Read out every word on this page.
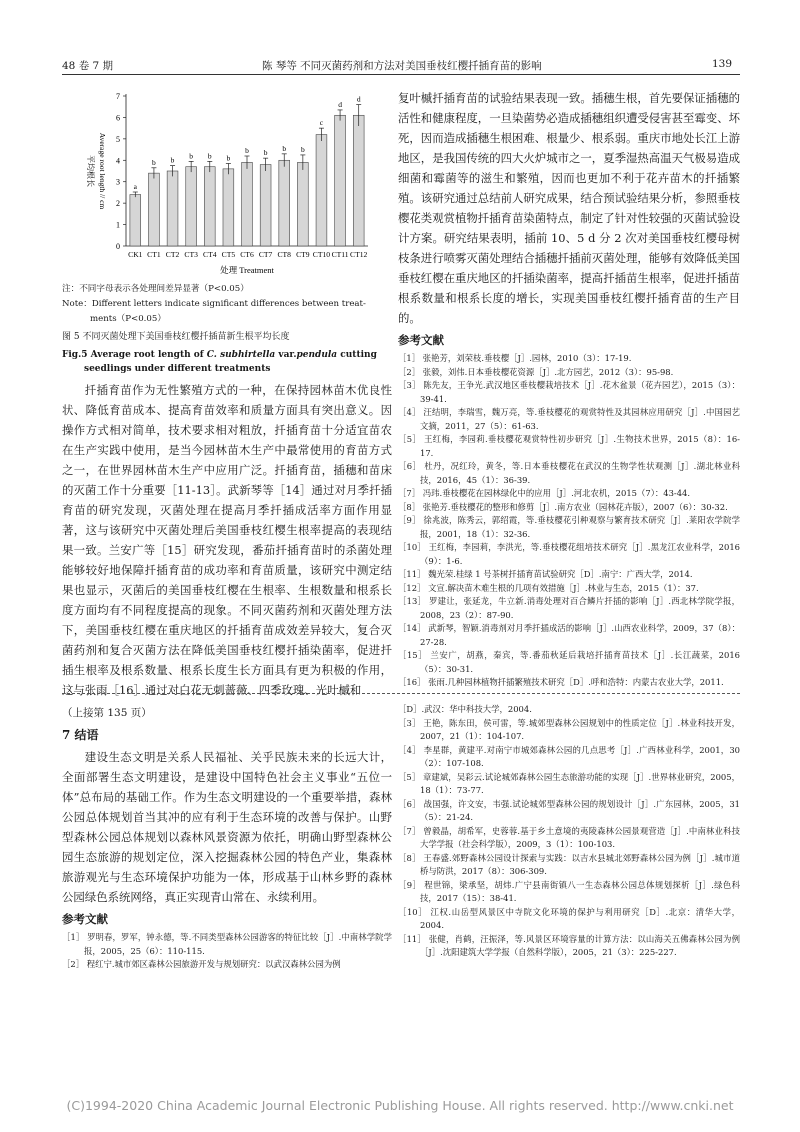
48 卷 7 期	陈 琴等 不同灭菌药剂和方法对美国垂枝红樱扦插育苗的影响	139
0
1
2
3
4
5
6
7
a
CK1
b
CT1
b
CT2
b
CT3
b
CT4
b
CT5
b
CT6
b
CT7
b
CT8
b
CT9
c
CT10
d
CT11
d
CT12
平均根长 Average root length // cm
处理 Treatment

注：不同字母表示各处理间差异显著（P<0.05）

Note：Different letters indicate significant differences between treat-

ments（P<0.05）

图 5 不同灭菌处理下美国垂枝红樱扦插苗新生根平均长度

Fig.5 Average root length of C. subhirtella var.pendula cutting seedlings under different treatments

扦插育苗作为无性繁殖方式的一种，在保持园林苗木优良性状、降低育苗成本、提高育苗效率和质量方面具有突出意义。因操作方式相对简单，技术要求相对粗放，扦插育苗十分适宜苗农在生产实践中使用，是当今园林苗木生产中最常使用的育苗方式之一，在世界园林苗木生产中应用广泛。扦插育苗，插穗和苗床的灭菌工作十分重要［11-13］。武新琴等［14］通过对月季扦插育苗的研究发现，灭菌处理在提高月季扦插成活率方面作用显著，这与该研究中灭菌处理后美国垂枝红樱生根率提高的表现结果一致。兰安广等［15］研究发现，番茄扦插育苗时的杀菌处理能够较好地保障扦插育苗的成功率和育苗质量，该研究中测定结果也显示，灭菌后的美国垂枝红樱在生根率、生根数量和根系长度方面均有不同程度提高的现象。不同灭菌药剂和灭菌处理方法下，美国垂枝红樱在重庆地区的扦插育苗成效差异较大，复合灭菌药剂和复合灭菌方法在降低美国垂枝红樱扦插染菌率，促进扦插生根率及根系数量、根系长度生长方面具有更为积极的作用，这与张雨［16］通过对白花无刺蔷薇、四季玫瑰、光叶槭和

复叶槭扦插育苗的试验结果表现一致。插穗生根，首先要保证插穗的活性和健康程度，一旦染菌势必造成插穗组织遭受侵害甚至霉变、坏死，因而造成插穗生根困难、根量少、根系弱。重庆市地处长江上游地区，是我国传统的四大火炉城市之一，夏季湿热高温天气极易造成细菌和霉菌等的滋生和繁殖，因而也更加不利于花卉苗木的扦插繁殖。该研究通过总结前人研究成果，结合预试验结果分析，参照垂枝樱花类观赏植物扦插育苗染菌特点，制定了针对性较强的灭菌试验设计方案。研究结果表明，插前 10、5 d 分 2 次对美国垂枝红樱母树枝条进行喷雾灭菌处理结合插穗扦插前灭菌处理，能够有效降低美国垂枝红樱在重庆地区的扦插染菌率，提高扦插苗生根率，促进扦插苗根系数量和根系长度的增长，实现美国垂枝红樱扦插育苗的生产目的。

参考文献
［1］ 张艳芳，刘荣枝.垂枝樱［J］.园林，2010（3）：17-19.
［2］ 张毅，刘伟.日本垂枝樱花资源［J］.北方园艺，2012（3）：95-98.
［3］ 陈先友，王争光.武汉地区垂枝樱栽培技术［J］.花木盆景（花卉园艺），2015（3）：39-41.
［4］ 汪结明，李瑞雪，魏万亮，等.垂枝樱花的观赏特性及其园林应用研究［J］.中国园艺文摘，2011，27（5）：61-63.
［5］ 王红梅，李园莉.垂枝樱花观赏特性初步研究［J］.生物技术世界，2015（8）：16-17.
［6］ 杜丹，况红玲，黄冬，等.日本垂枝樱花在武汉的生物学性状观测［J］.湖北林业科技，2016，45（1）：36-39.
［7］ 冯玮.垂枝樱花在园林绿化中的应用［J］.河北农机，2015（7）：43-44.
［8］ 张艳芳.垂枝樱花的整形和修剪［J］.南方农业（园林花卉版），2007（6）：30-32.
［9］ 徐兆波，陈秀云，郭绍霞，等.垂枝樱花引种观察与繁育技术研究［J］.莱阳农学院学报，2001，18（1）：32-36.
［10］ 王红梅，李园莉，李洪光，等.垂枝樱花组培技术研究［J］.黑龙江农业科学，2016（9）：1-6.
［11］ 魏光荣.桂绿 1 号茶树扦插育苗试验研究［D］.南宁：广西大学，2014.
［12］ 文宣.解决苗木难生根的几项有效措施［J］.林业与生态，2015（1）：37.
［13］ 罗建让，张延龙，牛立新.消毒处理对百合鳞片扦插的影响［J］.西北林学院学报，2008，23（2）：87-90.
［14］ 武新琴，智颖.消毒剂对月季扦插成活的影响［J］.山西农业科学，2009，37（8）：27-28.
［15］ 兰安广，胡燕，秦宾，等.番茄秋延后栽培扦插育苗技术［J］.长江蔬菜，2016（5）：30-31.
［16］ 张雨.几种园林植物扦插繁殖技术研究［D］.呼和浩特：内蒙古农业大学，2011.
（上接第 135 页）
7 结语

建设生态文明是关系人民福祉、关乎民族未来的长远大计，全面部署生态文明建设，是建设中国特色社会主义事业“五位一体”总布局的基础工作。作为生态文明建设的一个重要举措，森林公园总体规划首当其冲的应有利于生态环境的改善与保护。山野型森林公园总体规划以森林风景资源为依托，明确山野型森林公园生态旅游的规划定位，深入挖掘森林公园的特色产业，集森林旅游观光与生态环境保护功能为一体，形成基于山林乡野的森林公园绿色系统网络，真正实现青山常在、永续利用。

参考文献
［1］ 罗明春，罗军，钟永德，等.不同类型森林公园游客的特征比较［J］.中南林学院学报，2005，25（6）：110-115.
［2］ 程红宁.城市郊区森林公园旅游开发与规划研究：以武汉森林公园为例
［D］.武汉：华中科技大学，2004.
［3］ 王艳，陈东田，侯可雷，等.城郊型森林公园规划中的性质定位［J］.林业科技开发，2007，21（1）：104-107.
［4］ 李星群，黄建平.对南宁市城郊森林公园的几点思考［J］.广西林业科学，2001，30（2）：107-108.
［5］ 章建斌，吴彩云.试论城郊森林公园生态旅游功能的实现［J］.世界林业研究，2005，18（1）：73-77.
［6］ 战国强，许文安，韦强.试论城郊型森林公园的规划设计［J］.广东园林，2005，31（5）：21-24.
［7］ 曾毅晶，胡希军，史蓉蓉.基于乡土意境的夷陵森林公园景观营造［J］.中南林业科技大学学报（社会科学版），2009，3（1）：100-103.
［8］ 王春盛.郊野森林公园设计探索与实践：以吉水县城北郊野森林公园为例［J］.城市道桥与防洪，2017（8）：306-309.
［9］ 程世锦，梁承坚，胡炜.广宁县南街镇八一生态森林公园总体规划探析［J］.绿色科技，2017（15）：38-41.
［10］ 江权.山岳型风景区中寺院文化环境的保护与利用研究［D］.北京：清华大学，2004.
［11］ 张健，肖鹤，汪振泽，等.风景区环境容量的计算方法：以山海关五佛森林公园为例［J］.沈阳建筑大学学报（自然科学版），2005，21（3）：225-227.
(C)1994-2020 China Academic Journal Electronic Publishing House. All rights reserved. http://www.cnki.net
